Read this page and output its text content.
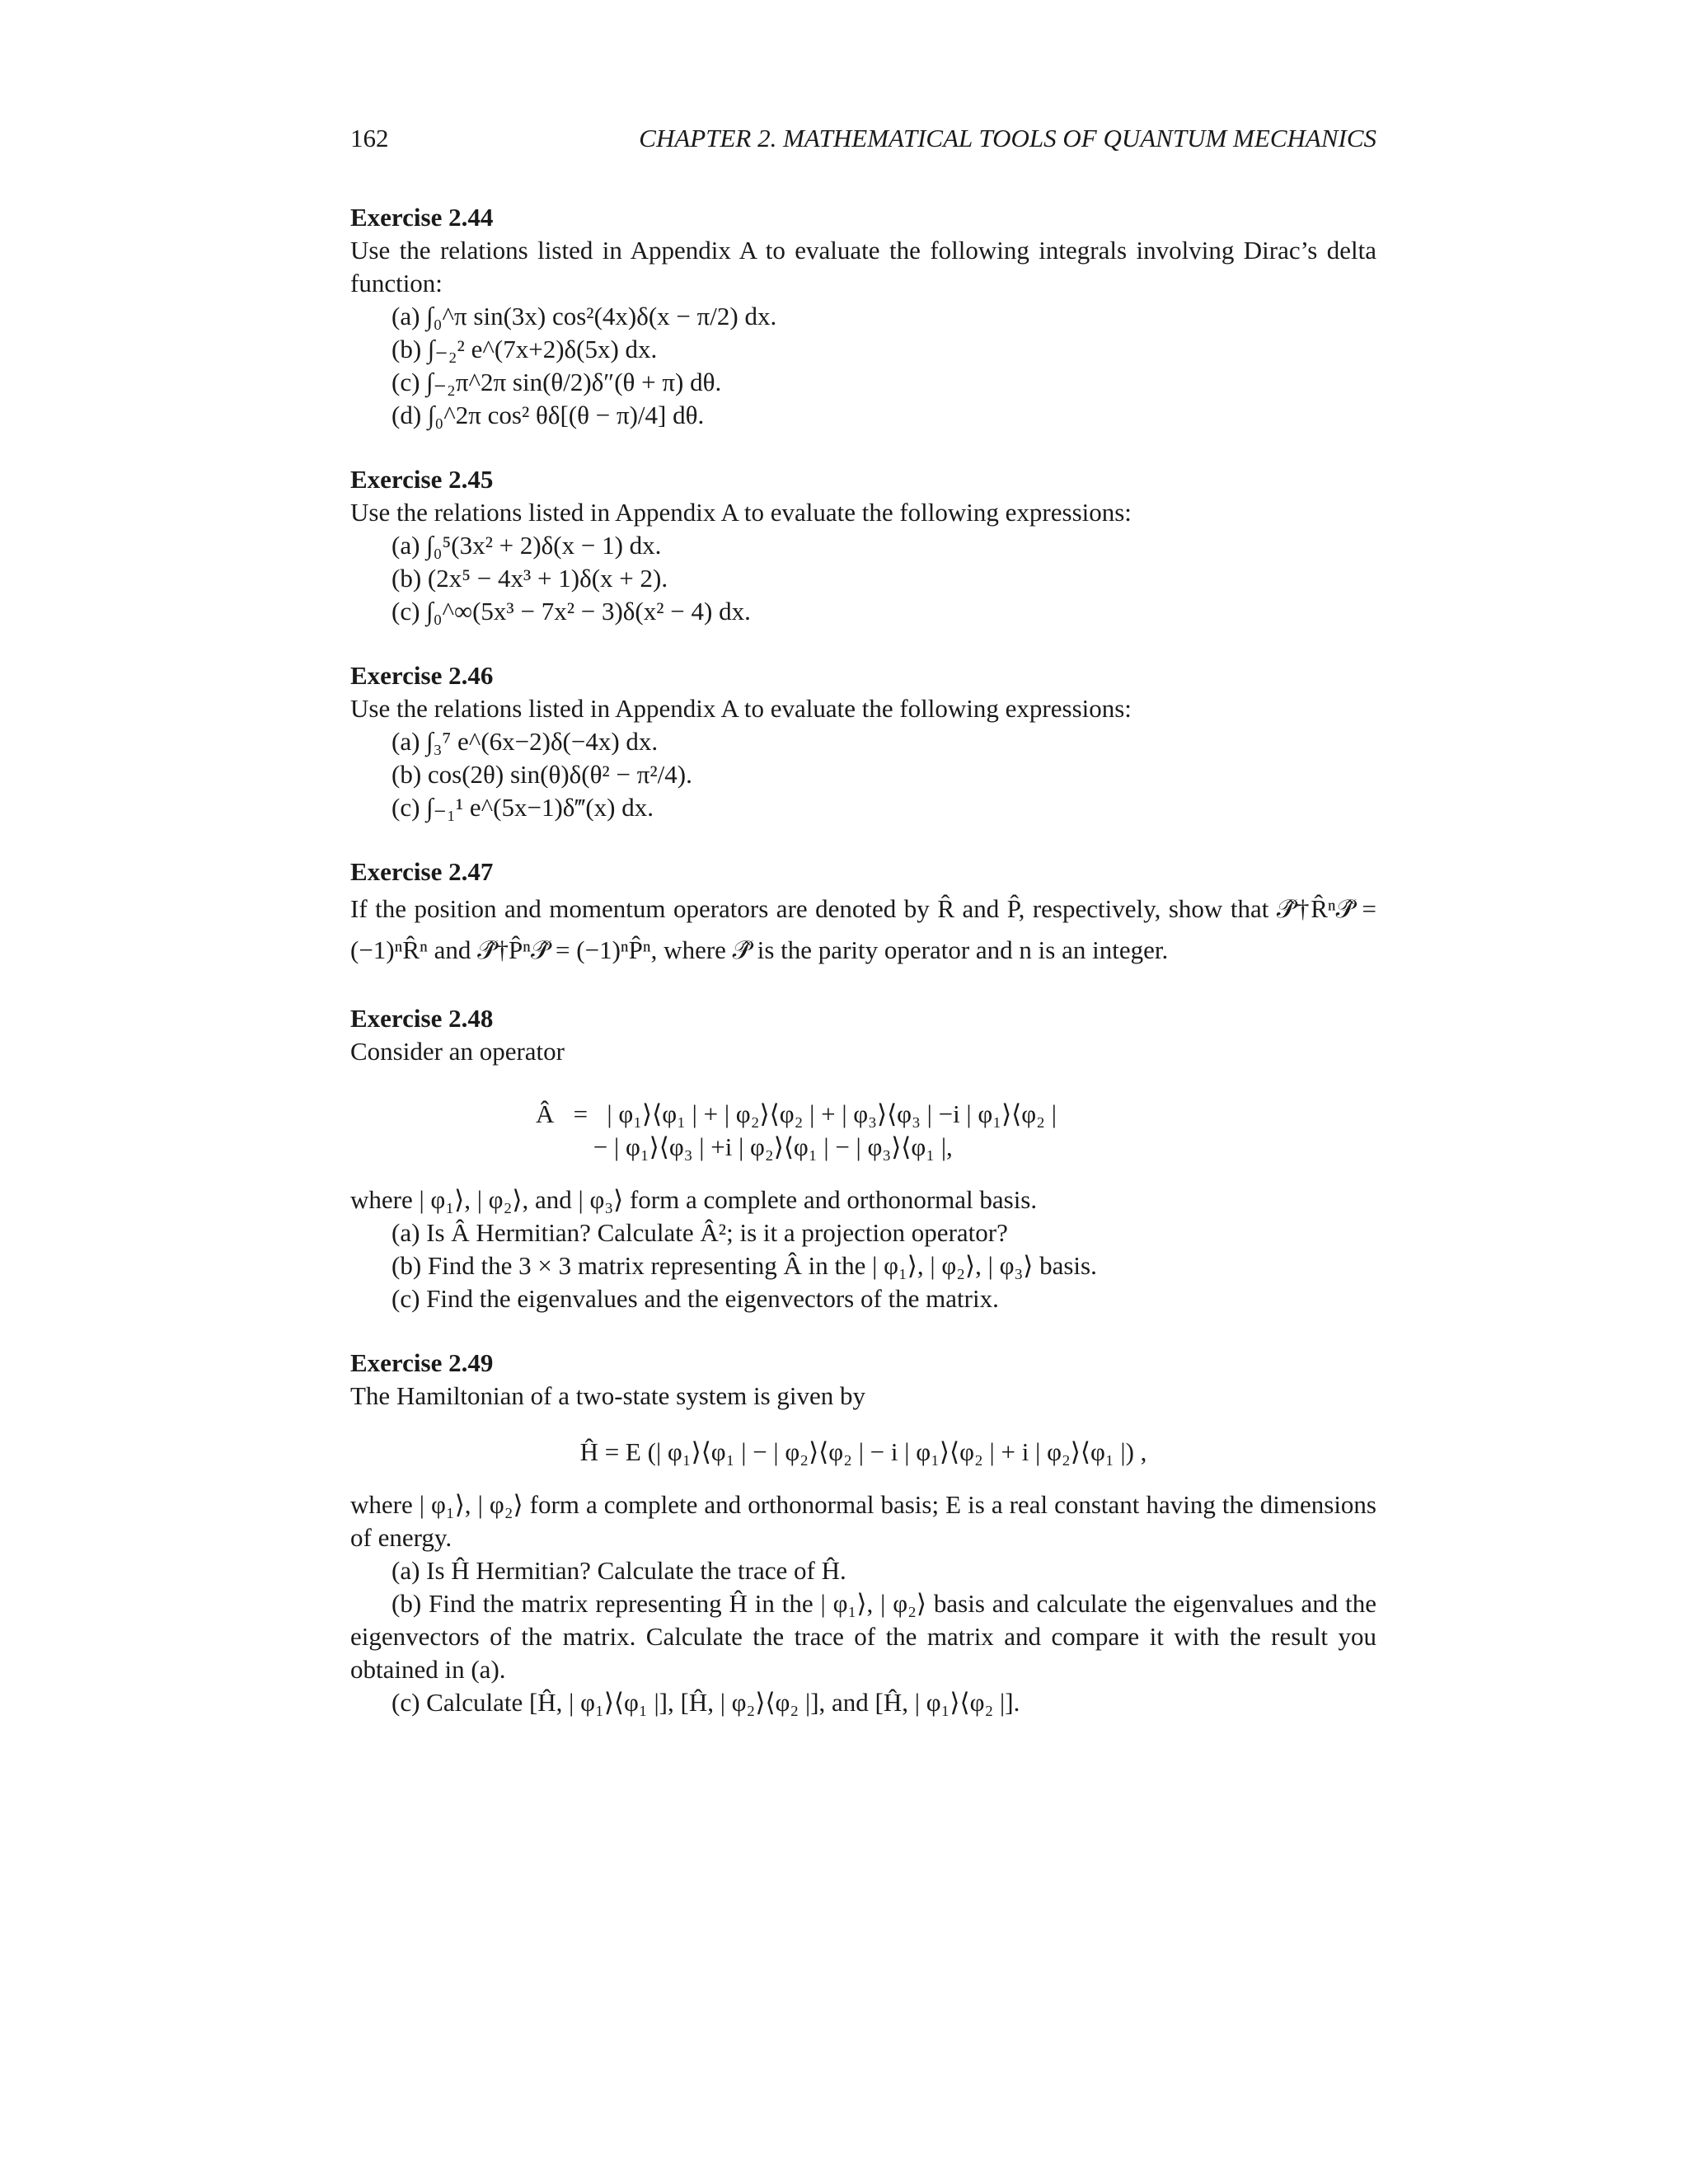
162	CHAPTER 2. MATHEMATICAL TOOLS OF QUANTUM MECHANICS
Exercise 2.44

Use the relations listed in Appendix A to evaluate the following integrals involving Dirac’s delta function:

(a) ∫₀^π sin(3x) cos²(4x)δ(x − π/2) dx.
(b) ∫₋₂² e^(7x+2)δ(5x) dx.
(c) ∫₋₂π^2π sin(θ/2)δ″(θ + π) dθ.
(d) ∫₀^2π cos² θδ[(θ − π)/4] dθ.
Exercise 2.45

Use the relations listed in Appendix A to evaluate the following expressions:

(a) ∫₀⁵(3x² + 2)δ(x − 1) dx.
(b) (2x⁵ − 4x³ + 1)δ(x + 2).
(c) ∫₀^∞(5x³ − 7x² − 3)δ(x² − 4) dx.
Exercise 2.46

Use the relations listed in Appendix A to evaluate the following expressions:

(a) ∫₃⁷ e^(6x−2)δ(−4x) dx.
(b) cos(2θ) sin(θ)δ(θ² − π²/4).
(c) ∫₋₁¹ e^(5x−1)δ‴(x) dx.
Exercise 2.47

If the position and momentum operators are denoted by R̂ and P̂, respectively, show that 𝒫̂†R̂ⁿ𝒫̂ = (−1)ⁿR̂ⁿ and 𝒫̂†P̂ⁿ𝒫̂ = (−1)ⁿP̂ⁿ, where 𝒫̂ is the parity operator and n is an integer.

Exercise 2.48

Consider an operator

Â   =   | φ₁⟩⟨φ₁ | + | φ₂⟩⟨φ₂ | + | φ₃⟩⟨φ₃ | −i | φ₁⟩⟨φ₂ |
− | φ₁⟩⟨φ₃ | +i | φ₂⟩⟨φ₁ | − | φ₃⟩⟨φ₁ |,

where | φ₁⟩, | φ₂⟩, and | φ₃⟩ form a complete and orthonormal basis.

(a) Is Â Hermitian? Calculate Â²; is it a projection operator?
(b) Find the 3 × 3 matrix representing Â in the | φ₁⟩, | φ₂⟩, | φ₃⟩ basis.
(c) Find the eigenvalues and the eigenvectors of the matrix.
Exercise 2.49

The Hamiltonian of a two-state system is given by

Ĥ = E (| φ₁⟩⟨φ₁ | − | φ₂⟩⟨φ₂ | − i | φ₁⟩⟨φ₂ | + i | φ₂⟩⟨φ₁ |) ,

where | φ₁⟩, | φ₂⟩ form a complete and orthonormal basis; E is a real constant having the dimensions of energy.

(a) Is Ĥ Hermitian? Calculate the trace of Ĥ.

(b) Find the matrix representing Ĥ in the | φ₁⟩, | φ₂⟩ basis and calculate the eigenvalues and the eigenvectors of the matrix. Calculate the trace of the matrix and compare it with the result you obtained in (a).

(c) Calculate [Ĥ, | φ₁⟩⟨φ₁ |], [Ĥ, | φ₂⟩⟨φ₂ |], and [Ĥ, | φ₁⟩⟨φ₂ |].
